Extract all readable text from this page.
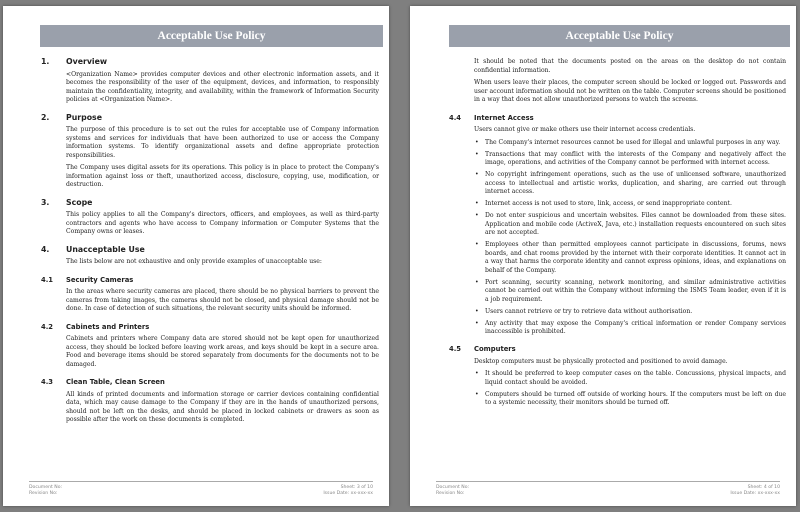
Acceptable Use Policy
1.	Overview

<Organization Name> provides computer devices and other electronic information assets, and it becomes the responsibility of the user of the equipment, devices, and information, to responsibly maintain the confidentiality, integrity, and availability, within the framework of Information Security policies at <Organization Name>.

2.	Purpose

The purpose of this procedure is to set out the rules for acceptable use of Company information systems and services for individuals that have been authorized to use or access the Company information systems. To identify organizational assets and define appropriate protection responsibilities.

The Company uses digital assets for its operations. This policy is in place to protect the Company's information against loss or theft, unauthorized access, disclosure, copying, use, modification, or destruction.

3.	Scope

This policy applies to all the Company's directors, officers, and employees, as well as third-party contractors and agents who have access to Company information or Computer Systems that the Company owns or leases.

4.	Unacceptable Use

The lists below are not exhaustive and only provide examples of unacceptable use:

4.1	Security Cameras

In the areas where security cameras are placed, there should be no physical barriers to prevent the cameras from taking images, the cameras should not be closed, and physical damage should not be done. In case of detection of such situations, the relevant security units should be informed.

4.2	Cabinets and Printers

Cabinets and printers where Company data are stored should not be kept open for unauthorized access, they should be locked before leaving work areas, and keys should be kept in a secure area. Food and beverage items should be stored separately from documents for the documents not to be damaged.

4.3	Clean Table, Clean Screen

All kinds of printed documents and information storage or carrier devices containing confidential data, which may cause damage to the Company if they are in the hands of unauthorized persons, should not be left on the desks, and should be placed in locked cabinets or drawers as soon as possible after the work on these documents is completed.

Document No:
Revision No:
Sheet: 3 of 10
Issue Date: xx-xxx-xx
Acceptable Use Policy

It should be noted that the documents posted on the areas on the desktop do not contain confidential information.

When users leave their places, the computer screen should be locked or logged out. Passwords and user account information should not be written on the table. Computer screens should be positioned in a way that does not allow unauthorized persons to watch the screens.

4.4	Internet Access

Users cannot give or make others use their internet access credentials.

• The Company's internet resources cannot be used for illegal and unlawful purposes in any way.
• Transactions that may conflict with the interests of the Company and negatively affect the image, operations, and activities of the Company cannot be performed with internet access.
• No copyright infringement operations, such as the use of unlicensed software, unauthorized access to intellectual and artistic works, duplication, and sharing, are carried out through internet access.
• Internet access is not used to store, link, access, or send inappropriate content.
• Do not enter suspicious and uncertain websites. Files cannot be downloaded from these sites. Application and mobile code (ActiveX, Java, etc.) installation requests encountered on such sites are not accepted.
• Employees other than permitted employees cannot participate in discussions, forums, news boards, and chat rooms provided by the internet with their corporate identities. It cannot act in a way that harms the corporate identity and cannot express opinions, ideas, and explanations on behalf of the Company.
• Port scanning, security scanning, network monitoring, and similar administrative activities cannot be carried out within the Company without informing the ISMS Team leader, even if it is a job requirement.
• Users cannot retrieve or try to retrieve data without authorisation.
• Any activity that may expose the Company's critical information or render Company services inaccessible is prohibited.
4.5	Computers

Desktop computers must be physically protected and positioned to avoid damage.

• It should be preferred to keep computer cases on the table. Concussions, physical impacts, and liquid contact should be avoided.
• Computers should be turned off outside of working hours. If the computers must be left on due to a systemic necessity, their monitors should be turned off.
Document No:
Revision No:
Sheet: 4 of 10
Issue Date: xx-xxx-xx
